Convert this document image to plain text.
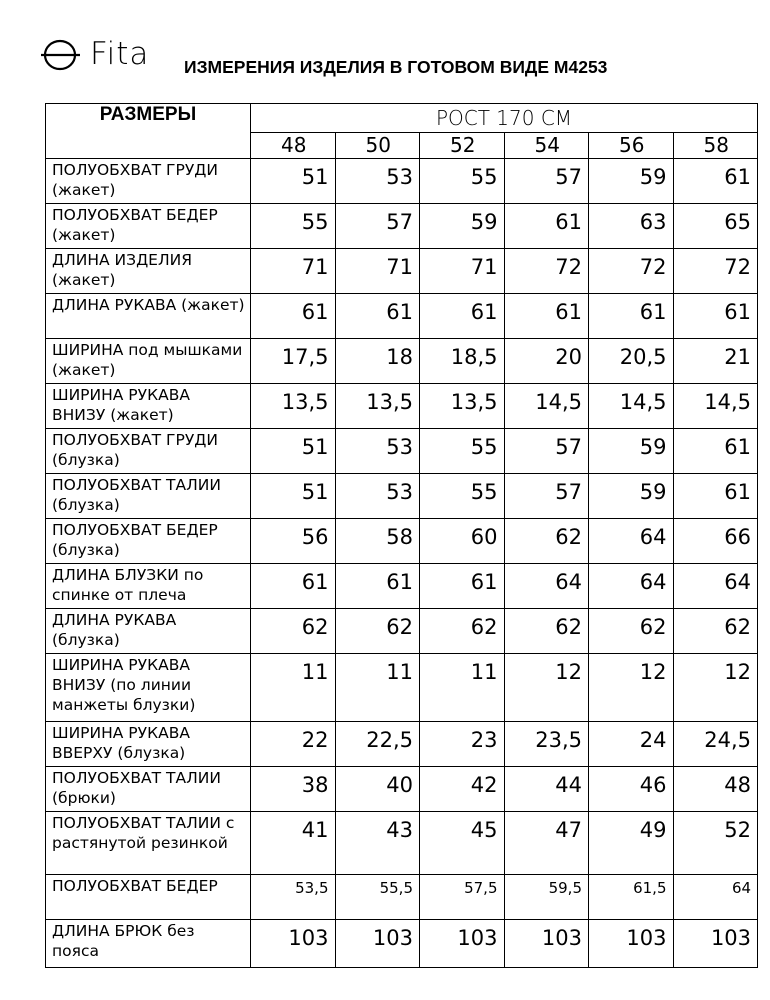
Fita ИЗМЕРЕНИЯ ИЗДЕЛИЯ В ГОТОВОМ ВИДЕ М4253
РАЗМЕРЫ	РОСТ 170 СМ					
	48	50	52	54	56	58
ПОЛУОБХВАТ ГРУДИ (жакет)	51	53	55	57	59	61
ПОЛУОБХВАТ БЕДЕР (жакет)	55	57	59	61	63	65
ДЛИНА ИЗДЕЛИЯ (жакет)	71	71	71	72	72	72
ДЛИНА РУКАВА (жакет)	61	61	61	61	61	61
ШИРИНА под мышками (жакет)	17,5	18	18,5	20	20,5	21
ШИРИНА РУКАВА ВНИЗУ (жакет)	13,5	13,5	13,5	14,5	14,5	14,5
ПОЛУОБХВАТ ГРУДИ (блузка)	51	53	55	57	59	61
ПОЛУОБХВАТ ТАЛИИ (блузка)	51	53	55	57	59	61
ПОЛУОБХВАТ БЕДЕР (блузка)	56	58	60	62	64	66
ДЛИНА БЛУЗКИ по спинке от плеча	61	61	61	64	64	64
ДЛИНА РУКАВА (блузка)	62	62	62	62	62	62
ШИРИНА РУКАВА ВНИЗУ (по линии манжеты блузки)	11	11	11	12	12	12
ШИРИНА РУКАВА ВВЕРХУ (блузка)	22	22,5	23	23,5	24	24,5
ПОЛУОБХВАТ ТАЛИИ (брюки)	38	40	42	44	46	48
ПОЛУОБХВАТ ТАЛИИ с растянутой резинкой	41	43	45	47	49	52
ПОЛУОБХВАТ БЕДЕР	53,5	55,5	57,5	59,5	61,5	64
ДЛИНА БРЮК без пояса	103	103	103	103	103	103
